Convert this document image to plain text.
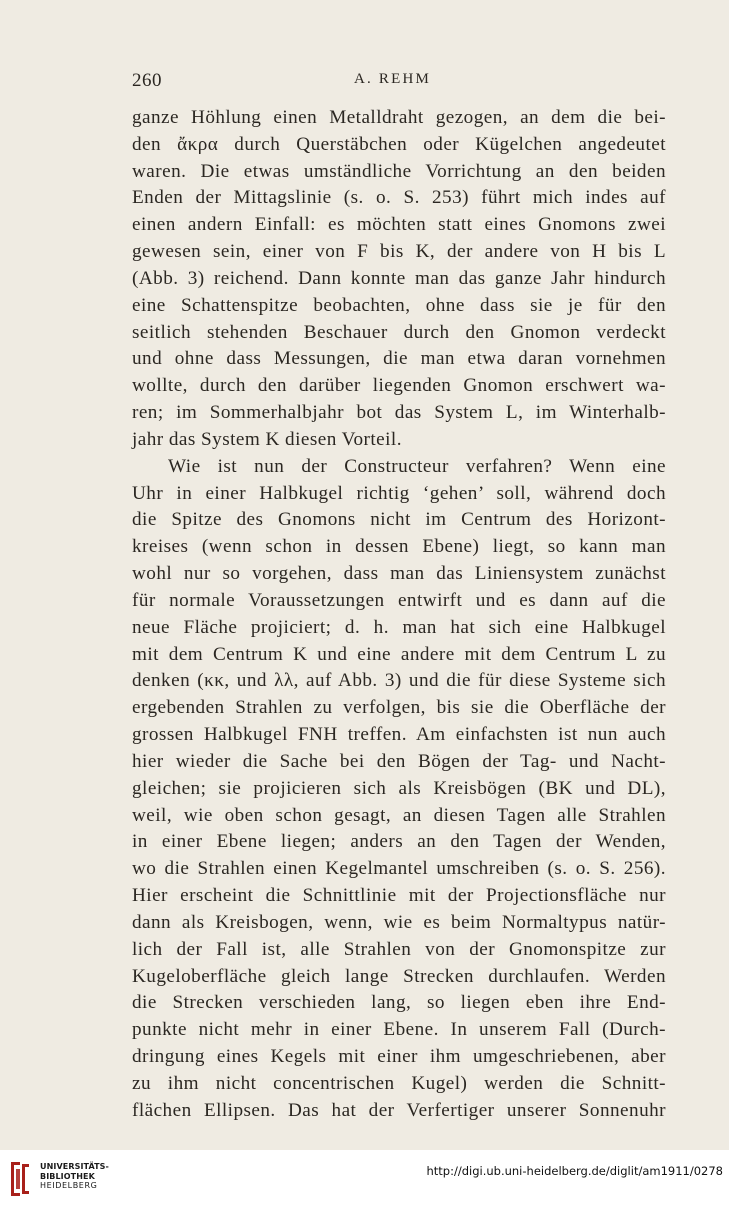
260	A. REHM
ganze Höhlung einen Metalldraht gezogen, an dem die bei-
den ἄκρα durch Querstäbchen oder Kügelchen angedeutet
waren. Die etwas umständliche Vorrichtung an den beiden
Enden der Mittagslinie (s. o. S. 253) führt mich indes auf
einen andern Einfall: es möchten statt eines Gnomons zwei
gewesen sein, einer von F bis K, der andere von H bis L
(Abb. 3) reichend. Dann konnte man das ganze Jahr hindurch
eine Schattenspitze beobachten, ohne dass sie je für den
seitlich stehenden Beschauer durch den Gnomon verdeckt
und ohne dass Messungen, die man etwa daran vornehmen
wollte, durch den darüber liegenden Gnomon erschwert wa-
ren; im Sommerhalbjahr bot das System L, im Winterhalb-
jahr das System K diesen Vorteil.
Wie ist nun der Constructeur verfahren? Wenn eine
Uhr in einer Halbkugel richtig ‘gehen’ soll, während doch
die Spitze des Gnomons nicht im Centrum des Horizont-
kreises (wenn schon in dessen Ebene) liegt, so kann man
wohl nur so vorgehen, dass man das Liniensystem zunächst
für normale Voraussetzungen entwirft und es dann auf die
neue Fläche projiciert; d. h. man hat sich eine Halbkugel
mit dem Centrum K und eine andere mit dem Centrum L zu
denken (κκ, und λλ, auf Abb. 3) und die für diese Systeme sich
ergebenden Strahlen zu verfolgen, bis sie die Oberfläche der
grossen Halbkugel FNH treffen. Am einfachsten ist nun auch
hier wieder die Sache bei den Bögen der Tag- und Nacht-
gleichen; sie projicieren sich als Kreisbögen (BK und DL),
weil, wie oben schon gesagt, an diesen Tagen alle Strahlen
in einer Ebene liegen; anders an den Tagen der Wenden,
wo die Strahlen einen Kegelmantel umschreiben (s. o. S. 256).
Hier erscheint die Schnittlinie mit der Projectionsfläche nur
dann als Kreisbogen, wenn, wie es beim Normaltypus natür-
lich der Fall ist, alle Strahlen von der Gnomonspitze zur
Kugeloberfläche gleich lange Strecken durchlaufen. Werden
die Strecken verschieden lang, so liegen eben ihre End-
punkte nicht mehr in einer Ebene. In unserem Fall (Durch-
dringung eines Kegels mit einer ihm umgeschriebenen, aber
zu ihm nicht concentrischen Kugel) werden die Schnitt-
flächen Ellipsen. Das hat der Verfertiger unserer Sonnenuhr
UNIVERSITÄTS-
BIBLIOTHEK
HEIDELBERG
http://digi.ub.uni-heidelberg.de/diglit/am1911/0278
